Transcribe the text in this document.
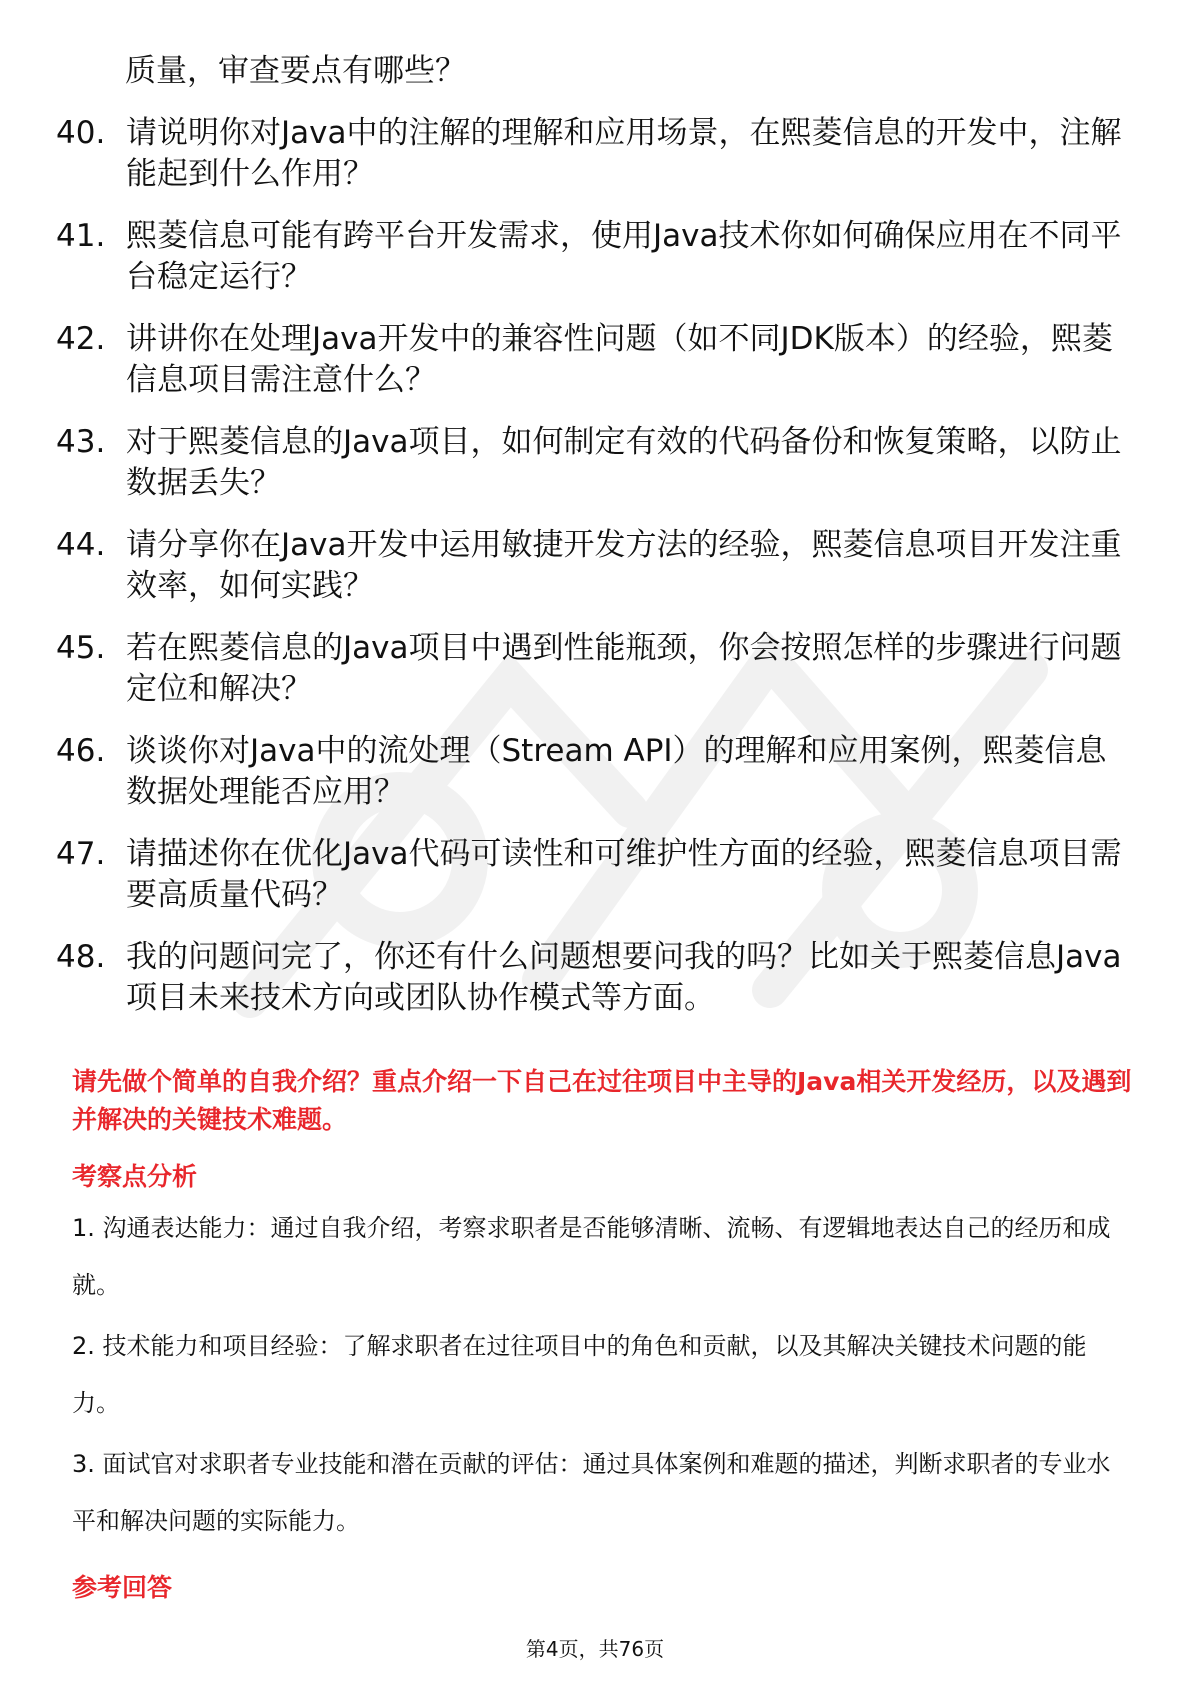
质量，审查要点有哪些？
40. 请说明你对Java中的注解的理解和应用场景，在熙菱信息的开发中，注解能起到什么作用？
41. 熙菱信息可能有跨平台开发需求，使用Java技术你如何确保应用在不同平台稳定运行？
42. 讲讲你在处理Java开发中的兼容性问题（如不同JDK版本）的经验，熙菱信息项目需注意什么？
43. 对于熙菱信息的Java项目，如何制定有效的代码备份和恢复策略，以防止数据丢失？
44. 请分享你在Java开发中运用敏捷开发方法的经验，熙菱信息项目开发注重效率，如何实践？
45. 若在熙菱信息的Java项目中遇到性能瓶颈，你会按照怎样的步骤进行问题定位和解决？
46. 谈谈你对Java中的流处理（Stream API）的理解和应用案例，熙菱信息数据处理能否应用？
47. 请描述你在优化Java代码可读性和可维护性方面的经验，熙菱信息项目需要高质量代码？
48. 我的问题问完了，你还有什么问题想要问我的吗？比如关于熙菱信息Java项目未来技术方向或团队协作模式等方面。
请先做个简单的自我介绍？重点介绍一下自己在过往项目中主导的Java相关开发经历，以及遇到并解决的关键技术难题。
考察点分析
1. 沟通表达能力：通过自我介绍，考察求职者是否能够清晰、流畅、有逻辑地表达自己的经历和成就。
2. 技术能力和项目经验：了解求职者在过往项目中的角色和贡献，以及其解决关键技术问题的能力。
3. 面试官对求职者专业技能和潜在贡献的评估：通过具体案例和难题的描述，判断求职者的专业水平和解决问题的实际能力。
参考回答
第4页，共76页
